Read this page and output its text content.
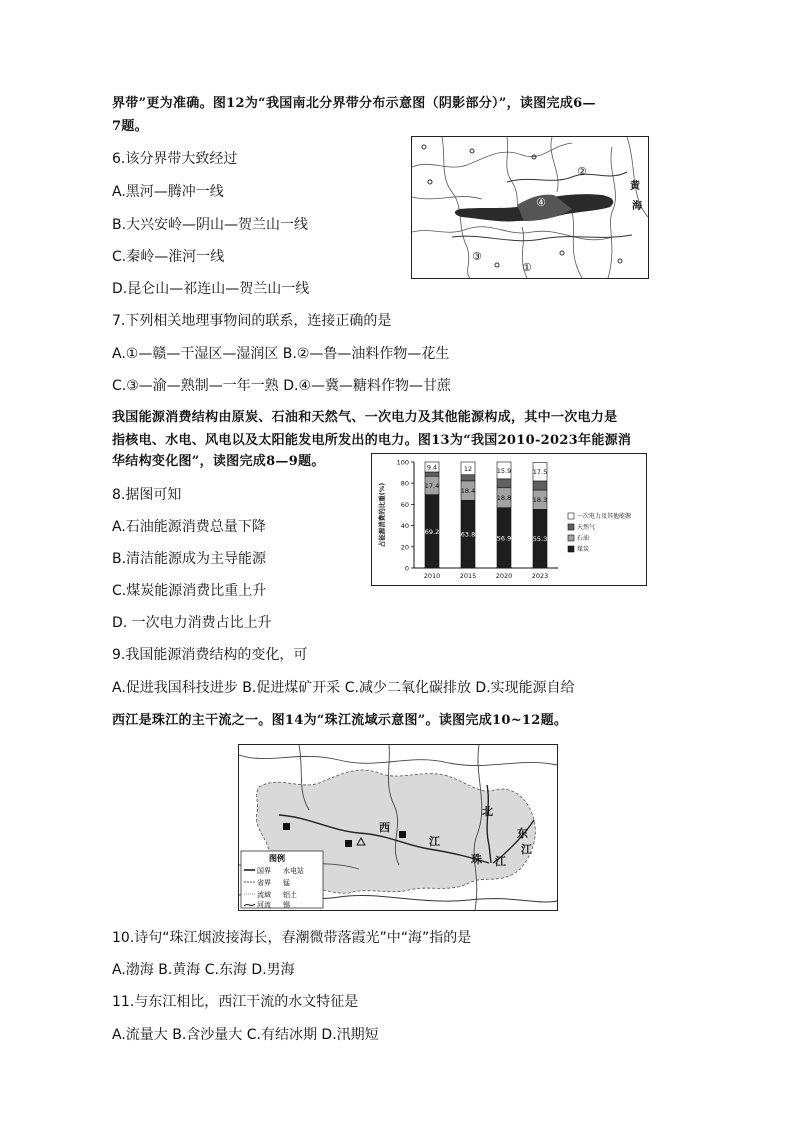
界带”更为准确。图12为“我国南北分界带分布示意图（阴影部分）”，读图完成6—
7题。
6.该分界带大致经过
A.黑河—腾冲一线
B.大兴安岭—阴山—贺兰山一线
C.秦岭—淮河一线
D.昆仑山—祁连山—贺兰山一线
②
④
③
①
黄
海
7.下列相关地理事物间的联系，连接正确的是
A.①—赣—干湿区—湿润区 B.②—鲁—油料作物—花生
C.③—渝—熟制—一年一熟 D.④—冀—糖料作物—甘蔗
我国能源消费结构由原炭、石油和天然气、一次电力及其他能源构成，其中一次电力是
指核电、水电、风电以及太阳能发电所发出的电力。图13为“我国2010-2023年能源消
华结构变化图”，读图完成8—9题。
8.据图可知
A.石油能源消费总量下降
B.清洁能源成为主导能源
C.煤炭能源消费比重上升
D. 一次电力消费占比上升
0
20
40
60
80
100
占能源消费的比重(%)	69.2
17.4
9.4
2010
63.8
18.4
12
2015
56.9
18.8
15.9
2020
55.3
18.3
17.5
2023
一次电力及其他能源
天然气
石油
煤炭
9.我国能源消费结构的变化，可
A.促进我国科技进步 B.促进煤矿开采 C.减少二氧化碳排放 D.实现能源自给
西江是珠江的主干流之一。图14为“珠江流域示意图”。读图完成10~12题。
西
江
北
江
东
江
珠
图例
国界 水电站
省界 锰
流域 铝土
河流 锡
10.诗句“珠江烟波接海长，春潮微带落霞光”中“海”指的是
A.渤海 B.黄海 C.东海 D.男海
11.与东江相比，西江干流的水文特征是
A.流量大 B.含沙量大 C.有结冰期 D.汛期短
